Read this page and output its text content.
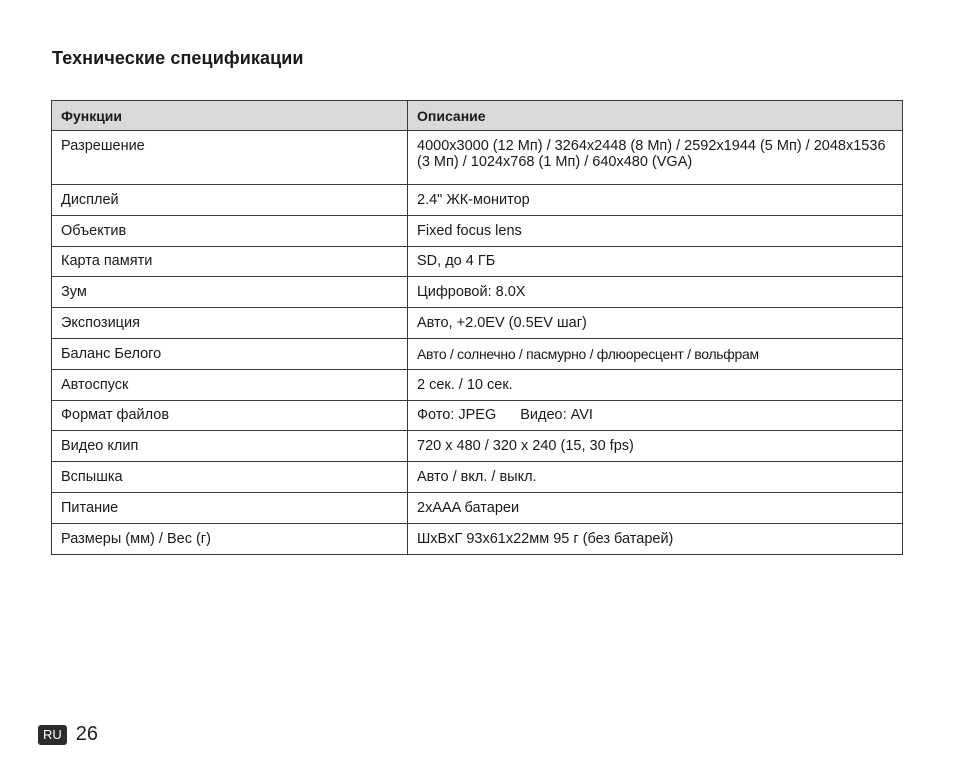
Технические спецификации
Функции	Описание
Разрешение	4000x3000 (12 Мп) / 3264x2448 (8 Мп) / 2592x1944 (5 Мп) / 2048x1536 (3 Мп) / 1024x768 (1 Мп) / 640x480 (VGA)
Дисплей	2.4" ЖК-монитор
Объектив	Fixed focus lens
Карта памяти	SD, до 4 ГБ
Зум	Цифровой: 8.0X
Экспозиция	Авто, +2.0EV (0.5EV шаг)
Баланс Белого	Авто / солнечно / пасмурно / флюоресцент / вольфрам
Автоспуск	2 сек. / 10 сек.
Формат файлов	Фото: JPEG Видео: AVI
Видео клип	720 x 480 / 320 x 240 (15, 30 fps)
Вспышка	Авто / вкл. / выкл.
Питание	2xAAA батареи
Размеры (мм) / Вес (г)	ШxВxГ 93x61x22мм 95 г (без батарей)
RU 26
